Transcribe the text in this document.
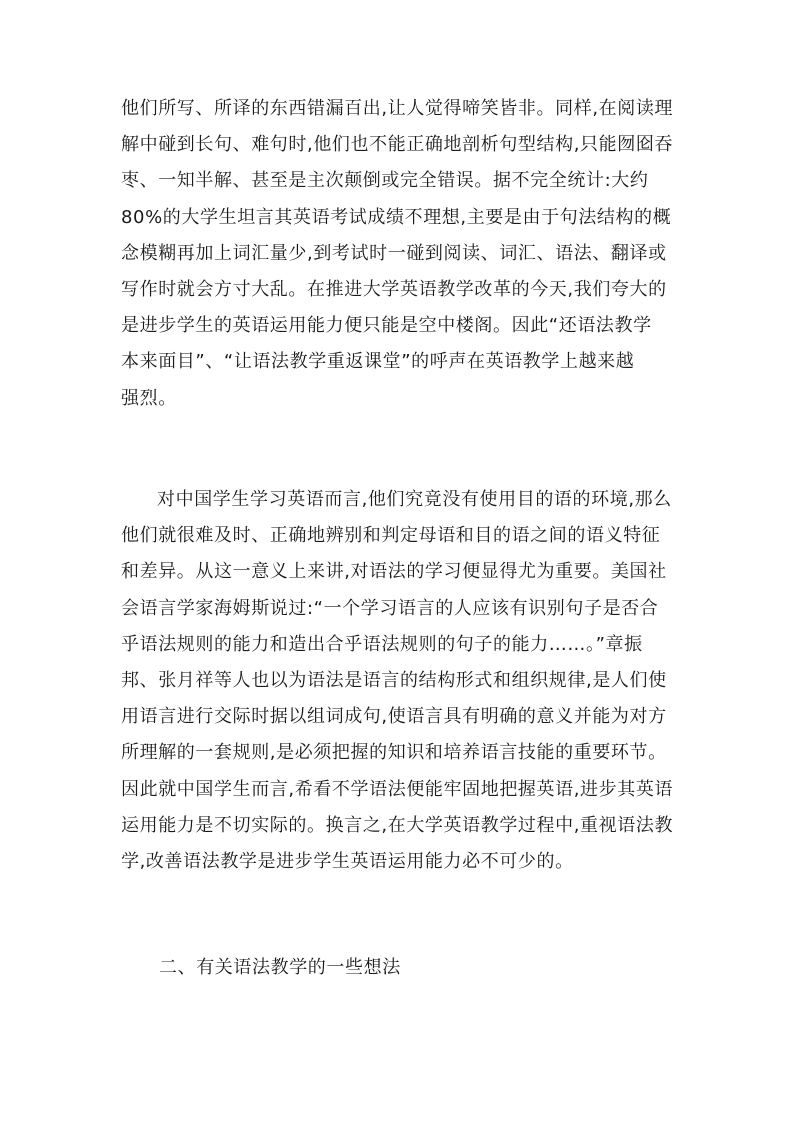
他们所写、所译的东西错漏百出,让人觉得啼笑皆非。同样,在阅读理
解中碰到长句、难句时,他们也不能正确地剖析句型结构,只能囫囵吞
枣、一知半解、甚至是主次颠倒或完全错误。据不完全统计:大约
80%的大学生坦言其英语考试成绩不理想,主要是由于句法结构的概
念模糊再加上词汇量少,到考试时一碰到阅读、词汇、语法、翻译或
写作时就会方寸大乱。在推进大学英语教学改革的今天,我们夸大的
是进步学生的英语运用能力便只能是空中楼阁。因此“还语法教学
本来面目”、“让语法教学重返课堂”的呼声在英语教学上越来越
强烈。
对中国学生学习英语而言,他们究竟没有使用目的语的环境,那么
他们就很难及时、正确地辨别和判定母语和目的语之间的语义特征
和差异。从这一意义上来讲,对语法的学习便显得尤为重要。美国社
会语言学家海姆斯说过:“一个学习语言的人应该有识别句子是否合
乎语法规则的能力和造出合乎语法规则的句子的能力……。”章振
邦、张月祥等人也以为语法是语言的结构形式和组织规律,是人们使
用语言进行交际时据以组词成句,使语言具有明确的意义并能为对方
所理解的一套规则,是必须把握的知识和培养语言技能的重要环节。
因此就中国学生而言,希看不学语法便能牢固地把握英语,进步其英语
运用能力是不切实际的。换言之,在大学英语教学过程中,重视语法教
学,改善语法教学是进步学生英语运用能力必不可少的。
二、有关语法教学的一些想法
